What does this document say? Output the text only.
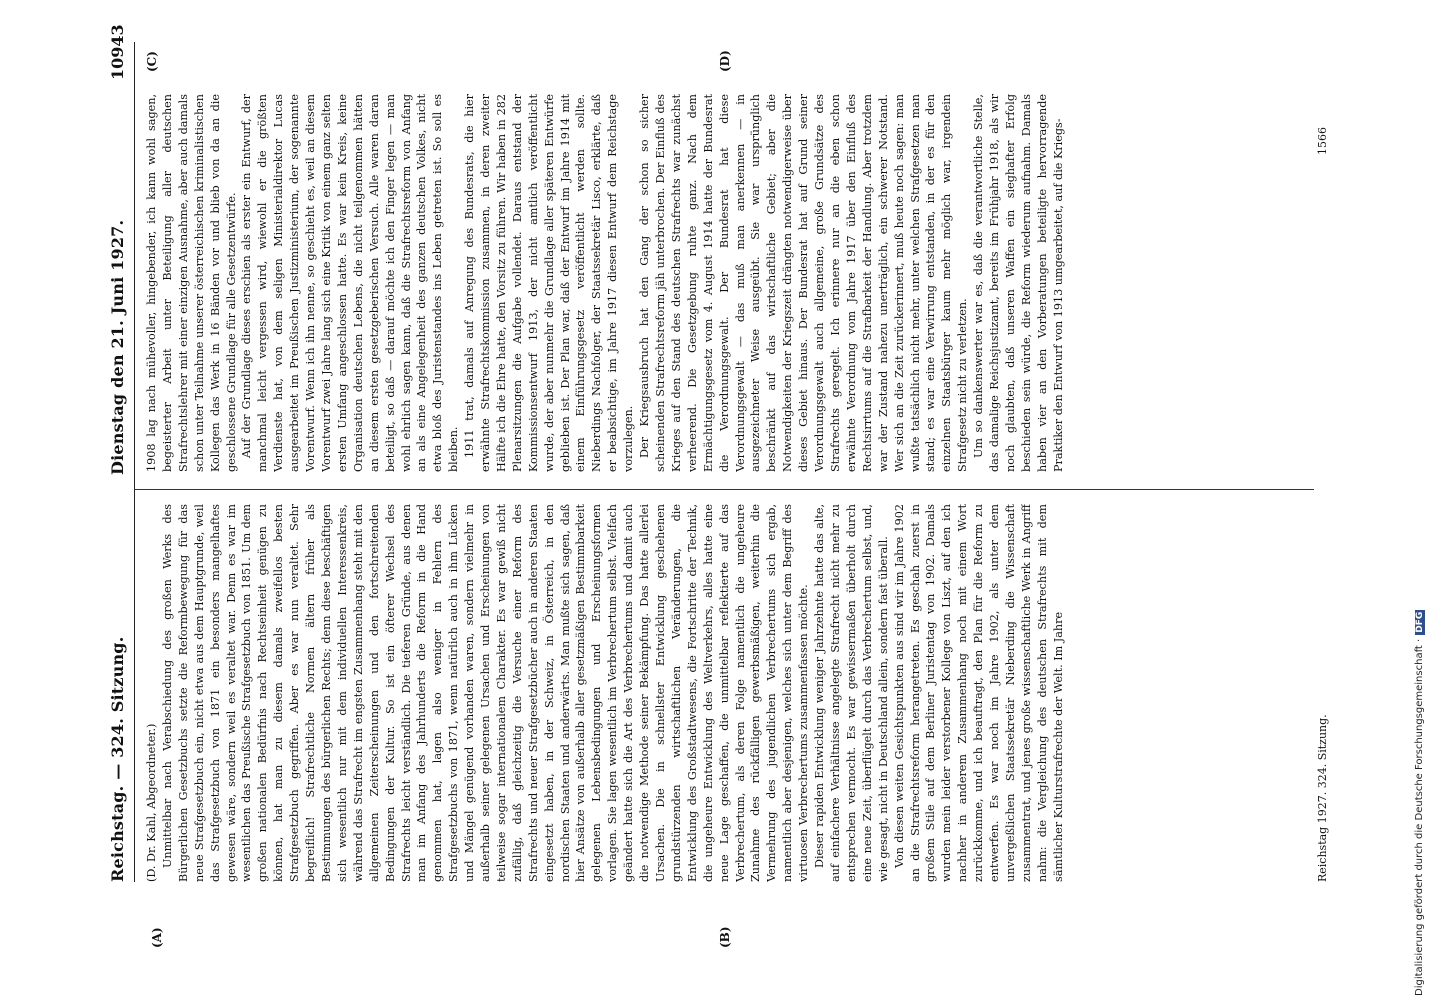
Reichstag. — 324. Sitzung.
Dienstag den 21. Juni 1927.
10943
(A)	(B)
(C)	(D)

(D. Dr. Kahl, Abgeordneter.) Unmittelbar nach Verabschiedung des großen Werks des Bürgerlichen Gesetzbuchs setzte die Reformbewegung für das neue Strafgesetzbuch ein, nicht etwa aus dem Hauptgrunde, weil das Strafgesetzbuch von 1871 ein besonders mangelhaftes gewesen wäre, sondern weil es veraltet war. Denn es war im wesentlichen das Preußische Strafgesetzbuch von 1851. Um dem großen nationalen Bedürfnis nach Rechtseinheit genügen zu können, hat man zu diesem damals zweifellos besten Strafgesetzbuch gegriffen. Aber es war nun veraltet. Sehr begreiflich! Strafrechtliche Normen ältern früher als Bestimmungen des bürgerlichen Rechts; denn diese beschäftigen sich wesentlich nur mit dem individuellen Interessenkreis, während das Strafrecht im engsten Zusammenhang steht mit den allgemeinen Zeiterscheinungen und den fortschreitenden Bedingungen der Kultur. So ist ein öfterer Wechsel des Strafrechts leicht verständlich. Die tieferen Gründe, aus denen man im Anfang des Jahrhunderts die Reform in die Hand genommen hat, lagen also weniger in Fehlern des Strafgesetzbuchs von 1871, wenn natürlich auch in ihm Lücken und Mängel genügend vorhanden waren, sondern vielmehr in außerhalb seiner gelegenen Ursachen und Erscheinungen von teilweise sogar internationalem Charakter. Es war gewiß nicht zufällig, daß gleichzeitig die Versuche einer Reform des Strafrechts und neuer Strafgesetzbücher auch in anderen Staaten eingesetzt haben, in der Schweiz, in Österreich, in den nordischen Staaten und anderwärts. Man mußte sich sagen, daß hier Ansätze von außerhalb aller gesetzmäßigen Bestimmbarkeit gelegenen Lebensbedingungen und Erscheinungsformen vorlagen. Sie lagen wesentlich im Verbrechertum selbst. Vielfach geändert hatte sich die Art des Verbrechertums und damit auch die notwendige Methode seiner Bekämpfung. Das hatte allerlei Ursachen. Die in schnellster Entwicklung geschehenen grundstürzenden wirtschaftlichen Veränderungen, die Entwicklung des Großstadtwesens, die Fortschritte der Technik, die ungeheure Entwicklung des Weltverkehrs, alles hatte eine neue Lage geschaffen, die unmittelbar reflektierte auf das Verbrechertum, als deren Folge namentlich die ungeheure Zunahme des rückfälligen gewerbsmäßigen, weiterhin die Vermehrung des jugendlichen Verbrechertums sich ergab, namentlich aber desjenigen, welches sich unter dem Begriff des virtuosen Verbrechertums zusammenfassen möchte. Dieser rapiden Entwicklung weniger Jahrzehnte hatte das alte, auf einfachere Verhältnisse angelegte Strafrecht nicht mehr zu entsprechen vermocht. Es war gewissermaßen überholt durch eine neue Zeit, überflügelt durch das Verbrechertum selbst, und, wie gesagt, nicht in Deutschland allein, sondern fast überall. Von diesen weiten Gesichtspunkten aus sind wir im Jahre 1902 an die Strafrechtsreform herangetreten. Es geschah zuerst in großem Stile auf dem Berliner Juristentag von 1902. Damals wurden mein leider verstorbener Kollege von Liszt, auf den ich nachher in anderem Zusammenhang noch mit einem Wort zurückkomme, und ich beauftragt, den Plan für die Reform zu entwerfen. Es war noch im Jahre 1902, als unter dem unvergeßlichen Staatssekretär Nieberding die Wissenschaft zusammentrat, und jenes große wissenschaftliche Werk in Angriff nahm: die Vergleichung des deutschen Strafrechts mit dem sämtlicher Kulturstrafrechte der Welt. Im Jahre

1908 lag nach mühevoller, hingebender, ich kann wohl sagen, begeisterter Arbeit unter Beteiligung aller deutschen Strafrechtslehrer mit einer einzigen Ausnahme, aber auch damals schon unter Teilnahme unserer österreichischen kriminalistischen Kollegen das Werk in 16 Bänden vor und blieb von da an die geschlossene Grundlage für alle Gesetzentwürfe. Auf der Grundlage dieses erschien als erster ein Entwurf, der manchmal leicht vergessen wird, wiewohl er die größten Verdienste hat, von dem seligen Ministerialdirektor Lucas ausgearbeitet im Preußischen Justizministerium, der sogenannte Vorentwurf. Wenn ich ihn nenne, so geschieht es, weil an diesem Vorentwurf zwei Jahre lang sich eine Kritik von einem ganz selten ersten Umfang angeschlossen hatte. Es war kein Kreis, keine Organisation deutschen Lebens, die nicht teilgenommen hätten an diesem ersten gesetzgeberischen Versuch. Alle waren daran beteiligt, so daß — darauf möchte ich den Finger legen — man wohl ehrlich sagen kann, daß die Strafrechtsreform von Anfang an als eine Angelegenheit des ganzen deutschen Volkes, nicht etwa bloß des Juristenstandes ins Leben getreten ist. So soll es bleiben. 1911 trat, damals auf Anregung des Bundesrats, die hier erwähnte Strafrechtskommission zusammen, in deren zweiter Hälfte ich die Ehre hatte, den Vorsitz zu führen. Wir haben in 282 Plenarsitzungen die Aufgabe vollendet. Daraus entstand der Kommissionsentwurf 1913, der nicht amtlich veröffentlicht wurde, der aber nunmehr die Grundlage aller späteren Entwürfe geblieben ist. Der Plan war, daß der Entwurf im Jahre 1914 mit einem Einführungsgesetz veröffentlicht werden sollte. Nieberdings Nachfolger, der Staatssekretär Lisco, erklärte, daß er beabsichtige, im Jahre 1917 diesen Entwurf dem Reichstage vorzulegen. Der Kriegsausbruch hat den Gang der schon so sicher scheinenden Strafrechtsreform jäh unterbrochen. Der Einfluß des Krieges auf den Stand des deutschen Strafrechts war zunächst verheerend. Die Gesetzgebung ruhte ganz. Nach dem Ermächtigungsgesetz vom 4. August 1914 hatte der Bundesrat die Verordnungsgewalt. Der Bundesrat hat diese Verordnungsgewalt — das muß man anerkennen — in ausgezeichneter Weise ausgeübt. Sie war ursprünglich beschränkt auf das wirtschaftliche Gebiet; aber die Notwendigkeiten der Kriegszeit drängten notwendigerweise über dieses Gebiet hinaus. Der Bundesrat hat auf Grund seiner Verordnungsgewalt auch allgemeine, große Grundsätze des Strafrechts geregelt. Ich erinnere nur an die eben schon erwähnte Verordnung vom Jahre 1917 über den Einfluß des Rechtsirrtums auf die Strafbarkeit der Handlung. Aber trotzdem war der Zustand nahezu unerträglich, ein schwerer Notstand. Wer sich an die Zeit zurückerinnert, muß heute noch sagen: man wußte tatsächlich nicht mehr, unter welchen Strafgesetzen man stand; es war eine Verwirrung entstanden, in der es für den einzelnen Staatsbürger kaum mehr möglich war, irgendein Strafgesetz nicht zu verletzen. Um so dankenswerter war es, daß die verantwortliche Stelle, das damalige Reichsjustizamt, bereits im Frühjahr 1918, als wir noch glaubten, daß unseren Waffen ein sieghafter Erfolg beschieden sein würde, die Reform wiederum aufnahm. Damals haben vier an den Vorberatungen beteiligte hervorragende Praktiker den Entwurf von 1913 umgearbeitet, auf die Kriegs-

Reichstag 1927. 324. Sitzung.
1566
Digitalisierung gefördert durch die Deutsche Forschungsgemeinschaft ·DFG
